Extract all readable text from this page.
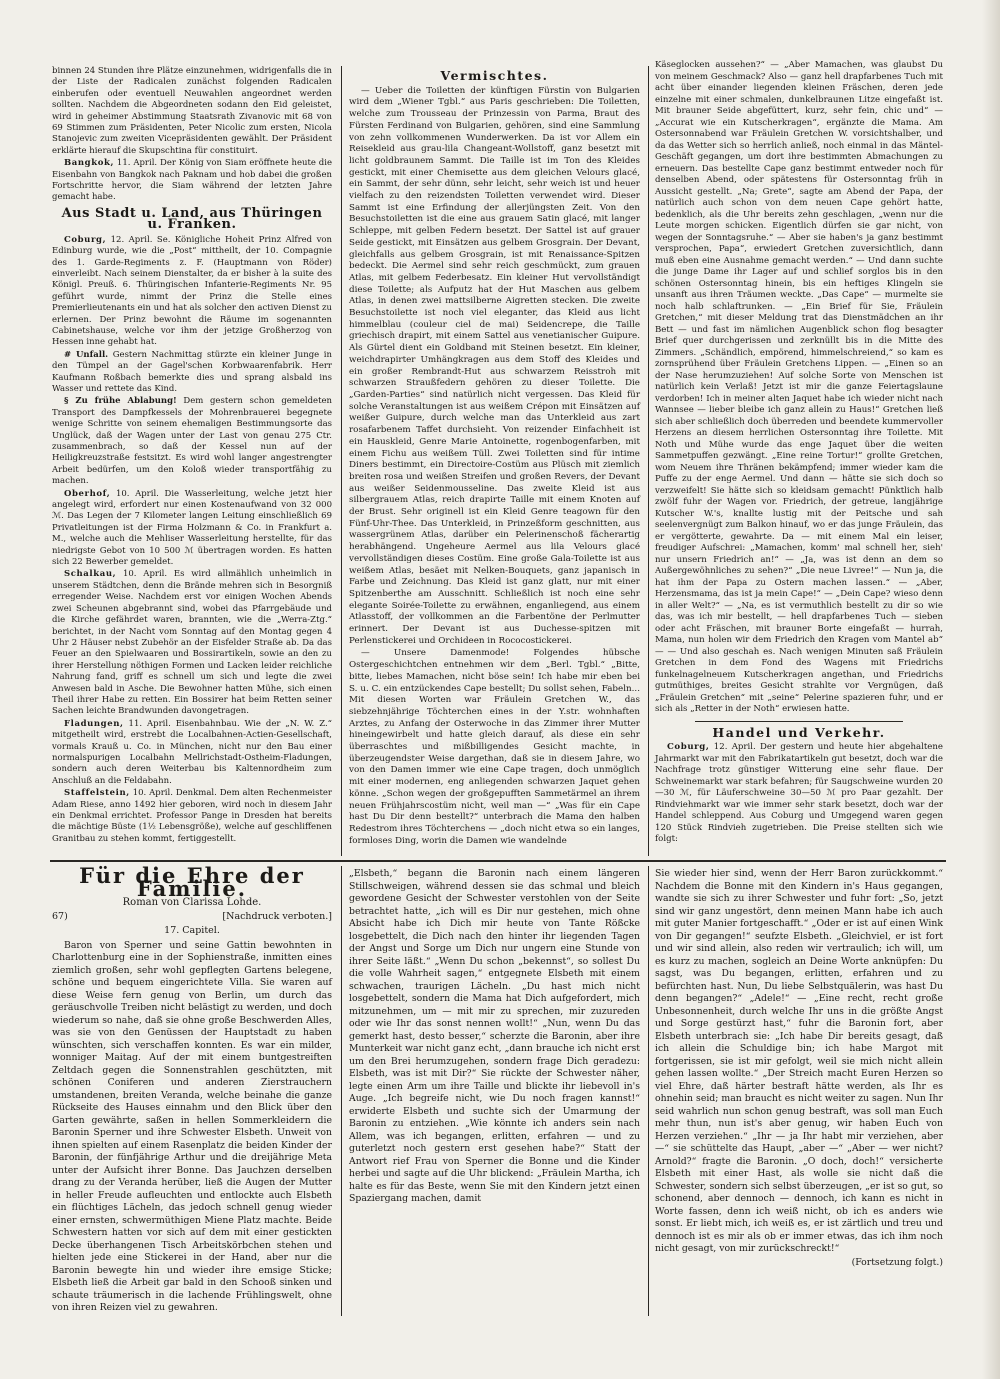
binnen 24 Stunden ihre Plätze einzunehmen, widrigenfalls die in der Liste der Radicalen zunächst folgenden Radicalen einberufen oder eventuell Neuwahlen angeordnet werden sollten. Nachdem die Abgeordneten sodann den Eid geleistet, wird in geheimer Abstimmung Staatsrath Zivanovic mit 68 von 69 Stimmen zum Präsidenten, Peter Nicolic zum ersten, Nicola Stanojevic zum zweiten Vicepräsidenten gewählt. Der Präsident erklärte hierauf die Skupschtina für constituirt.

Bangkok, 11. April. Der König von Siam eröffnete heute die Eisenbahn von Bangkok nach Paknam und hob dabei die großen Fortschritte hervor, die Siam während der letzten Jahre gemacht habe.

Aus Stadt u. Land, aus Thüringen u. Franken.

Coburg, 12. April. Se. Königliche Hoheit Prinz Alfred von Edinburg wurde, wie die „Post“ mittheilt, der 10. Compagnie des 1. Garde-Regiments z. F. (Hauptmann von Röder) einverleibt. Nach seinem Dienstalter, da er bisher à la suite des Königl. Preuß. 6. Thüringischen Infanterie-Regiments Nr. 95 geführt wurde, nimmt der Prinz die Stelle eines Premierlieutenants ein und hat als solcher den activen Dienst zu erlernen. Der Prinz bewohnt die Räume im sogenannten Cabinetshause, welche vor ihm der jetzige Großherzog von Hessen inne gehabt hat.

# Unfall. Gestern Nachmittag stürzte ein kleiner Junge in den Tümpel an der Gagel'schen Korbwaarenfabrik. Herr Kaufmann Roßbach bemerkte dies und sprang alsbald ins Wasser und rettete das Kind.

§ Zu frühe Ablabung! Dem gestern schon gemeldeten Transport des Dampfkessels der Mohrenbrauerei begegnete wenige Schritte von seinem ehemaligen Bestimmungsorte das Unglück, daß der Wagen unter der Last von genau 275 Ctr. zusammenbrach, so daß der Kessel nun auf der Heiligkreuzstraße festsitzt. Es wird wohl langer angestrengter Arbeit bedürfen, um den Koloß wieder transportfähig zu machen.

Oberhof, 10. April. Die Wasserleitung, welche jetzt hier angelegt wird, erfordert nur einen Kostenaufwand von 32 000 ℳ. Das Legen der 7 Kilometer langen Leitung einschließlich 69 Privatleitungen ist der Firma Holzmann & Co. in Frankfurt a. M., welche auch die Mehliser Wasserleitung herstellte, für das niedrigste Gebot von 10 500 ℳ übertragen worden. Es hatten sich 22 Bewerber gemeldet.

Schalkau, 10. April. Es wird allmählich unheimlich in unserem Städtchen, denn die Brände mehren sich in Besorgniß erregender Weise. Nachdem erst vor einigen Wochen Abends zwei Scheunen abgebrannt sind, wobei das Pfarrgebäude und die Kirche gefährdet waren, brannten, wie die „Werra-Ztg.“ berichtet, in der Nacht vom Sonntag auf den Montag gegen 4 Uhr 2 Häuser nebst Zubehör an der Eisfelder Straße ab. Da das Feuer an den Spielwaaren und Bossirartikeln, sowie an den zu ihrer Herstellung nöthigen Formen und Lacken leider reichliche Nahrung fand, griff es schnell um sich und legte die zwei Anwesen bald in Asche. Die Bewohner hatten Mühe, sich einen Theil ihrer Habe zu retten. Ein Bossirer hat beim Retten seiner Sachen leichte Brandwunden davongetragen.

Fladungen, 11. April. Eisenbahnbau. Wie der „N. W. Z.“ mitgetheilt wird, erstrebt die Localbahnen-Actien-Gesellschaft, vormals Krauß u. Co. in München, nicht nur den Bau einer normalspurigen Localbahn Mellrichstadt-Ostheim-Fladungen, sondern auch deren Weiterbau bis Kaltennordheim zum Anschluß an die Feldabahn.

Staffelstein, 10. April. Denkmal. Dem alten Rechenmeister Adam Riese, anno 1492 hier geboren, wird noch in diesem Jahr ein Denkmal errichtet. Professor Pange in Dresden hat bereits die mächtige Büste (1½ Lebensgröße), welche auf geschliffenen Granitbau zu stehen kommt, fertiggestellt.

Vermischtes.

— Ueber die Toiletten der künftigen Fürstin von Bulgarien wird dem „Wiener Tgbl.“ aus Paris geschrieben: Die Toiletten, welche zum Trousseau der Prinzessin von Parma, Braut des Fürsten Ferdinand von Bulgarien, gehören, sind eine Sammlung von zehn vollkommenen Wunderwerken. Da ist vor Allem ein Reisekleid aus grau-lila Changeant-Wollstoff, ganz besetzt mit licht goldbraunem Sammt. Die Taille ist im Ton des Kleides gestickt, mit einer Chemisette aus dem gleichen Velours glacé, ein Sammt, der sehr dünn, sehr leicht, sehr weich ist und heuer vielfach zu den reizendsten Toiletten verwendet wird. Dieser Sammt ist eine Erfindung der allerjüngsten Zeit. Von den Besuchstoiletten ist die eine aus grauem Satin glacé, mit langer Schleppe, mit gelben Federn besetzt. Der Sattel ist auf grauer Seide gestickt, mit Einsätzen aus gelbem Grosgrain. Der Devant, gleichfalls aus gelbem Grosgrain, ist mit Renaissance-Spitzen bedeckt. Die Aermel sind sehr reich geschmückt, zum grauen Atlas, mit gelbem Federbesatz. Ein kleiner Hut vervollständigt diese Toilette; als Aufputz hat der Hut Maschen aus gelbem Atlas, in denen zwei mattsilberne Aigretten stecken. Die zweite Besuchstoilette ist noch viel eleganter, das Kleid aus licht himmelblau (couleur ciel de mai) Seidencrepe, die Taille griechisch drapirt, mit einem Sattel aus venetianischer Guipure. Als Gürtel dient ein Goldband mit Steinen besetzt. Ein kleiner, weichdrapirter Umhängkragen aus dem Stoff des Kleides und ein großer Rembrandt-Hut aus schwarzem Reisstroh mit schwarzen Straußfedern gehören zu dieser Toilette. Die „Garden-Parties“ sind natürlich nicht vergessen. Das Kleid für solche Veranstaltungen ist aus weißem Crépon mit Einsätzen auf weißer Guipure, durch welche man das Unterkleid aus zart rosafarbenem Taffet durchsieht. Von reizender Einfachheit ist ein Hauskleid, Genre Marie Antoinette, rogenbogenfarben, mit einem Fichu aus weißem Tüll. Zwei Toiletten sind für intime Diners bestimmt, ein Directoire-Costüm aus Plüsch mit ziemlich breiten rosa und weißen Streifen und großen Revers, der Devant aus weißer Seidenmousseline. Das zweite Kleid ist aus silbergrauem Atlas, reich drapirte Taille mit einem Knoten auf der Brust. Sehr originell ist ein Kleid Genre teagown für den Fünf-Uhr-Thee. Das Unterkleid, in Prinzeßform geschnitten, aus wassergrünem Atlas, darüber ein Pelerinenschoß fächerartig herabhängend. Ungeheure Aermel aus lila Velours glacé vervollständigen dieses Costüm. Eine große Gala-Toilette ist aus weißem Atlas, besäet mit Nelken-Bouquets, ganz japanisch in Farbe und Zeichnung. Das Kleid ist ganz glatt, nur mit einer Spitzenberthe am Ausschnitt. Schließlich ist noch eine sehr elegante Soirée-Toilette zu erwähnen, enganliegend, aus einem Atlasstoff, der vollkommen an die Farbentöne der Perlmutter erinnert. Der Devant ist aus Duchesse-spitzen mit Perlenstickerei und Orchideen in Rococostickerei.

— Unsere Damenmode! Folgendes hübsche Ostergeschichtchen entnehmen wir dem „Berl. Tgbl.“ „Bitte, bitte, liebes Mamachen, nicht böse sein! Ich habe mir eben bei S. u. C. ein entzückendes Cape bestellt; Du sollst sehen, Fabeln... Mit diesen Worten war Fräulein Gretchen W., das siebzehnjährige Töchterchen eines in der Y.str. wohnhaften Arztes, zu Anfang der Osterwoche in das Zimmer ihrer Mutter hineingewirbelt und hatte gleich darauf, als diese ein sehr überraschtes und mißbilligendes Gesicht machte, in überzeugendster Weise dargethan, daß sie in diesem Jahre, wo von den Damen immer wie eine Cape tragen, doch unmöglich mit einer modernen, eng anliegenden schwarzen Jaquet gehen könne. „Schon wegen der großgepufften Sammetärmel an ihrem neuen Frühjahrscostüm nicht, weil man —“ „Was für ein Cape hast Du Dir denn bestellt?“ unterbrach die Mama den halben Redestrom ihres Töchterchens — „doch nicht etwa so ein langes, formloses Ding, worin die Damen wie wandelnde

Käseglocken aussehen?“ — „Aber Mamachen, was glaubst Du von meinem Geschmack? Also — ganz hell drapfarbenes Tuch mit acht über einander liegenden kleinen Fräschen, deren jede einzelne mit einer schmalen, dunkelbraunen Litze eingefaßt ist. Mit brauner Seide abgefüttert, kurz, sehr fein, chic und“ — „Accurat wie ein Kutscherkragen“, ergänzte die Mama. Am Ostersonnabend war Fräulein Gretchen W. vorsichtshalber, und da das Wetter sich so herrlich anließ, noch einmal in das Mäntel-Geschäft gegangen, um dort ihre bestimmten Abmachungen zu erneuern. Das bestellte Cape ganz bestimmt entweder noch für denselben Abend, oder spätestens für Ostersonntag früh in Aussicht gestellt. „Na; Grete“, sagte am Abend der Papa, der natürlich auch schon von dem neuen Cape gehört hatte, bedenklich, als die Uhr bereits zehn geschlagen, „wenn nur die Leute morgen schicken. Eigentlich dürfen sie gar nicht, von wegen der Sonntagsruhe.“ — Aber sie haben's ja ganz bestimmt versprochen, Papa“, erwiedert Gretchen zuversichtlich, dann muß eben eine Ausnahme gemacht werden.“ — Und dann suchte die junge Dame ihr Lager auf und schlief sorglos bis in den schönen Ostersonntag hinein, bis ein heftiges Klingeln sie unsanft aus ihren Träumen weckte. „Das Cape“ — murmelte sie noch halb schlaftrunken. — „Ein Brief für Sie, Fräulein Gretchen,“ mit dieser Meldung trat das Dienstmädchen an ihr Bett — und fast im nämlichen Augenblick schon flog besagter Brief quer durchgerissen und zerknüllt bis in die Mitte des Zimmers. „Schändlich, empörend, himmelschreiend,“ so kam es zornsprühend über Fräulein Gretchens Lippen. — „Einen so an der Nase herumzuziehen! Auf solche Sorte von Menschen ist natürlich kein Verlaß! Jetzt ist mir die ganze Feiertagslaune verdorben! Ich in meiner alten Jaquet habe ich wieder nicht nach Wannsee — lieber bleibe ich ganz allein zu Haus!“ Gretchen ließ sich aber schließlich doch überreden und beendete kummervoller Herzens an diesem herrlichen Ostersonntag ihre Toilette. Mit Noth und Mühe wurde das enge Jaquet über die weiten Sammetpuffen gezwängt. „Eine reine Tortur!“ grollte Gretchen, wom Neuem ihre Thränen bekämpfend; immer wieder kam die Puffe zu der enge Aermel. Und dann — hätte sie sich doch so verzweifelt! Sie hätte sich so kleidsam gemacht! Pünktlich halb zwölf fuhr der Wagen vor. Friedrich, der getreue, langjährige Kutscher W.'s, knallte lustig mit der Peitsche und sah seelenvergnügt zum Balkon hinauf, wo er das junge Fräulein, das er vergötterte, gewahrte. Da — mit einem Mal ein leiser, freudiger Aufschrei: „Mamachen, komm' mal schnell her, sieh' nur unsern Friedrich an!“ — „Ja, was ist denn an dem so Außergewöhnliches zu sehen?“ „Die neue Livree!“ — Nun ja, die hat ihm der Papa zu Ostern machen lassen.“ — „Aber, Herzensmama, das ist ja mein Cape!“ — „Dein Cape? wieso denn in aller Welt?“ — „Na, es ist vermuthlich bestellt zu dir so wie das, was ich mir bestellt, — hell drapfarbenes Tuch — sieben oder acht Fräschen, mit brauner Borte eingefaßt — hurrah, Mama, nun holen wir dem Friedrich den Kragen vom Mantel ab“ — — Und also geschah es. Nach wenigen Minuten saß Fräulein Gretchen in dem Fond des Wagens mit Friedrichs funkelnagelneuem Kutscherkragen angethan, und Friedrichs gutmüthiges, breites Gesicht strahlte vor Vergnügen, daß „Fräulein Gretchen“ mit „seine“ Pelerine spazieren fuhr, und er sich als „Retter in der Noth“ erwiesen hatte.

Handel und Verkehr.

Coburg, 12. April. Der gestern und heute hier abgehaltene Jahrmarkt war mit den Fabrikatartikeln gut besetzt, doch war die Nachfrage trotz günstiger Witterung eine sehr flaue. Der Schweinemarkt war stark befahren; für Saugschweine wurden 20—30 ℳ, für Läuferschweine 30—50 ℳ pro Paar gezahlt. Der Rindviehmarkt war wie immer sehr stark besetzt, doch war der Handel schleppend. Aus Coburg und Umgegend waren gegen 120 Stück Rindvieh zugetrieben. Die Preise stellten sich wie folgt:

Für die Ehre der Familie.
Roman von Clarissa Lohde.
67)	[Nachdruck verboten.]
17. Capitel.

Baron von Sperner und seine Gattin bewohnten in Charlottenburg eine in der Sophienstraße, inmitten eines ziemlich großen, sehr wohl gepflegten Gartens belegene, schöne und bequem eingerichtete Villa. Sie waren auf diese Weise fern genug von Berlin, um durch das geräuschvolle Treiben nicht belästigt zu werden, und doch wiederum so nahe, daß sie ohne große Beschwerden Alles, was sie von den Genüssen der Hauptstadt zu haben wünschten, sich verschaffen konnten. Es war ein milder, wonniger Maitag. Auf der mit einem buntgestreiften Zeltdach gegen die Sonnenstrahlen geschützten, mit schönen Coniferen und anderen Zierstrauchern umstandenen, breiten Veranda, welche beinahe die ganze Rückseite des Hauses einnahm und den Blick über den Garten gewährte, saßen in hellen Sommerkleidern die Baronin Sperner und ihre Schwester Elsbeth. Unweit von ihnen spielten auf einem Rasenplatz die beiden Kinder der Baronin, der fünfjährige Arthur und die dreijährige Meta unter der Aufsicht ihrer Bonne. Das Jauchzen derselben drang zu der Veranda herüber, ließ die Augen der Mutter in heller Freude aufleuchten und entlockte auch Elsbeth ein flüchtiges Lächeln, das jedoch schnell genug wieder einer ernsten, schwermüthigen Miene Platz machte. Beide Schwestern hatten vor sich auf dem mit einer gestickten Decke überhangenen Tisch Arbeitskörbchen stehen und hielten jede eine Stickerei in der Hand, aber nur die Baronin bewegte hin und wieder ihre emsige Sticke; Elsbeth ließ die Arbeit gar bald in den Schooß sinken und schaute träumerisch in die lachende Frühlingswelt, ohne von ihren Reizen viel zu gewahren.

„Elsbeth,“ begann die Baronin nach einem längeren Stillschweigen, während dessen sie das schmal und bleich gewordene Gesicht der Schwester verstohlen von der Seite betrachtet hatte, „ich will es Dir nur gestehen, mich ohne Absicht habe ich Dich mir heute von Tante Rößcke losgebettelt, die Dich nach den hinter ihr liegenden Tagen der Angst und Sorge um Dich nur ungern eine Stunde von ihrer Seite läßt.“ „Wenn Du schon „bekennst“, so sollest Du die volle Wahrheit sagen,“ entgegnete Elsbeth mit einem schwachen, traurigen Lächeln. „Du hast mich nicht losgebettelt, sondern die Mama hat Dich aufgefordert, mich mitzunehmen, um — mit mir zu sprechen, mir zuzureden oder wie Ihr das sonst nennen wollt!“ „Nun, wenn Du das gemerkt hast, desto besser,“ scherzte die Baronin, aber ihre Munterkeit war nicht ganz echt, „dann brauche ich nicht erst um den Brei herumzugehen, sondern frage Dich geradezu: Elsbeth, was ist mit Dir?“ Sie rückte der Schwester näher, legte einen Arm um ihre Taille und blickte ihr liebevoll in's Auge. „Ich begreife nicht, wie Du noch fragen kannst!“ erwiderte Elsbeth und suchte sich der Umarmung der Baronin zu entziehen. „Wie könnte ich anders sein nach Allem, was ich begangen, erlitten, erfahren — und zu guterletzt noch gestern erst gesehen habe?“ Statt der Antwort rief Frau von Sperner die Bonne und die Kinder herbei und sagte auf die Uhr blickend: „Fräulein Martha, ich halte es für das Beste, wenn Sie mit den Kindern jetzt einen Spaziergang machen, damit

Sie wieder hier sind, wenn der Herr Baron zurückkommt.“ Nachdem die Bonne mit den Kindern in's Haus gegangen, wandte sie sich zu ihrer Schwester und fuhr fort: „So, jetzt sind wir ganz ungestört, denn meinen Mann habe ich auch mit guter Manier fortgeschafft.“ „Oder er ist auf einen Wink von Dir gegangen!“ seufzte Elsbeth. „Gleichviel, er ist fort und wir sind allein, also reden wir vertraulich; ich will, um es kurz zu machen, sogleich an Deine Worte anknüpfen: Du sagst, was Du begangen, erlitten, erfahren und zu befürchten hast. Nun, Du liebe Selbstquälerin, was hast Du denn begangen?“ „Adele!“ — „Eine recht, recht große Unbesonnenheit, durch welche Ihr uns in die größte Angst und Sorge gestürzt hast,“ fuhr die Baronin fort, aber Elsbeth unterbrach sie: „Ich habe Dir bereits gesagt, daß ich allein die Schuldige bin; ich habe Margot mit fortgerissen, sie ist mir gefolgt, weil sie mich nicht allein gehen lassen wollte.“ „Der Streich macht Euren Herzen so viel Ehre, daß härter bestraft hätte werden, als Ihr es ohnehin seid; man braucht es nicht weiter zu sagen. Nun Ihr seid wahrlich nun schon genug bestraft, was soll man Euch mehr thun, nun ist's aber genug, wir haben Euch von Herzen verziehen.“ „Ihr — ja Ihr habt mir verziehen, aber —“ sie schüttelte das Haupt, „aber —“ „Aber — wer nicht? Arnold?“ fragte die Baronin. „O doch, doch!“ versicherte Elsbeth mit einer Hast, als wolle sie nicht daß die Schwester, sondern sich selbst überzeugen, „er ist so gut, so schonend, aber dennoch — dennoch, ich kann es nicht in Worte fassen, denn ich weiß nicht, ob ich es anders wie sonst. Er liebt mich, ich weiß es, er ist zärtlich und treu und dennoch ist es mir als ob er immer etwas, das ich ihm noch nicht gesagt, von mir zurückschreckt!“

(Fortsetzung folgt.)
